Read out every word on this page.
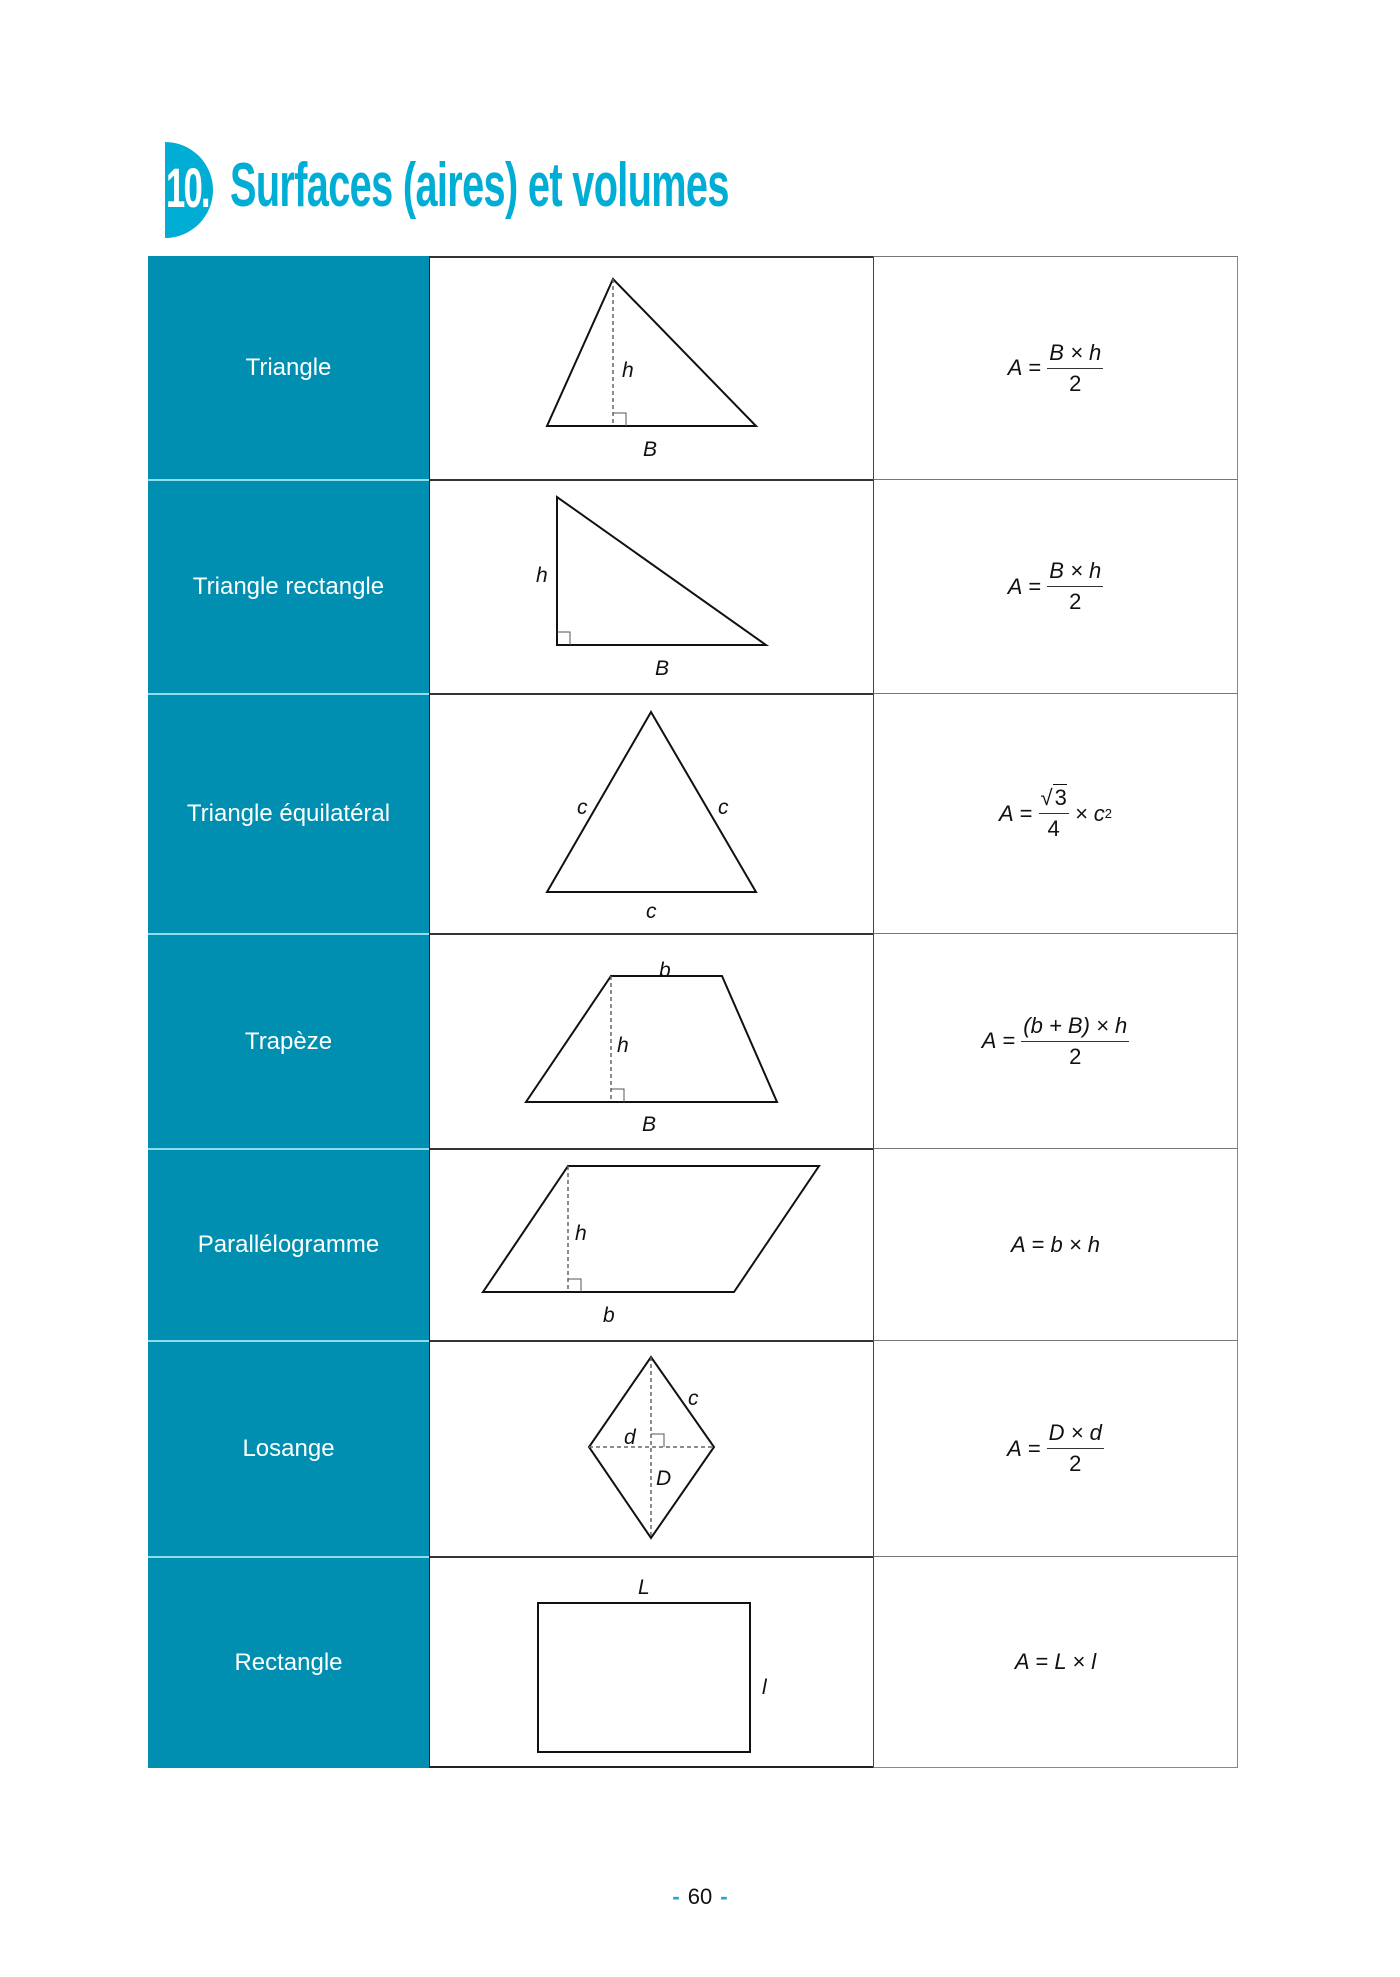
10. Surfaces (aires) et volumes
Triangle	$A = \frac{B \times h}{2}$
Triangle rectangle	$A = \frac{B \times h}{2}$
Triangle équilatéral	$A = \frac{√3}{4} \times c$ 2
Trapèze	$A = \frac{(b + B) \times h}{2}$
Parallélogramme	A = b × h
Losange	$A = \frac{D \times d}{2}$
Rectangle	A = L × l
h
B
h
B
c	c
c
b
h
B
h
b
c
d
D
L
l
- 60 -
